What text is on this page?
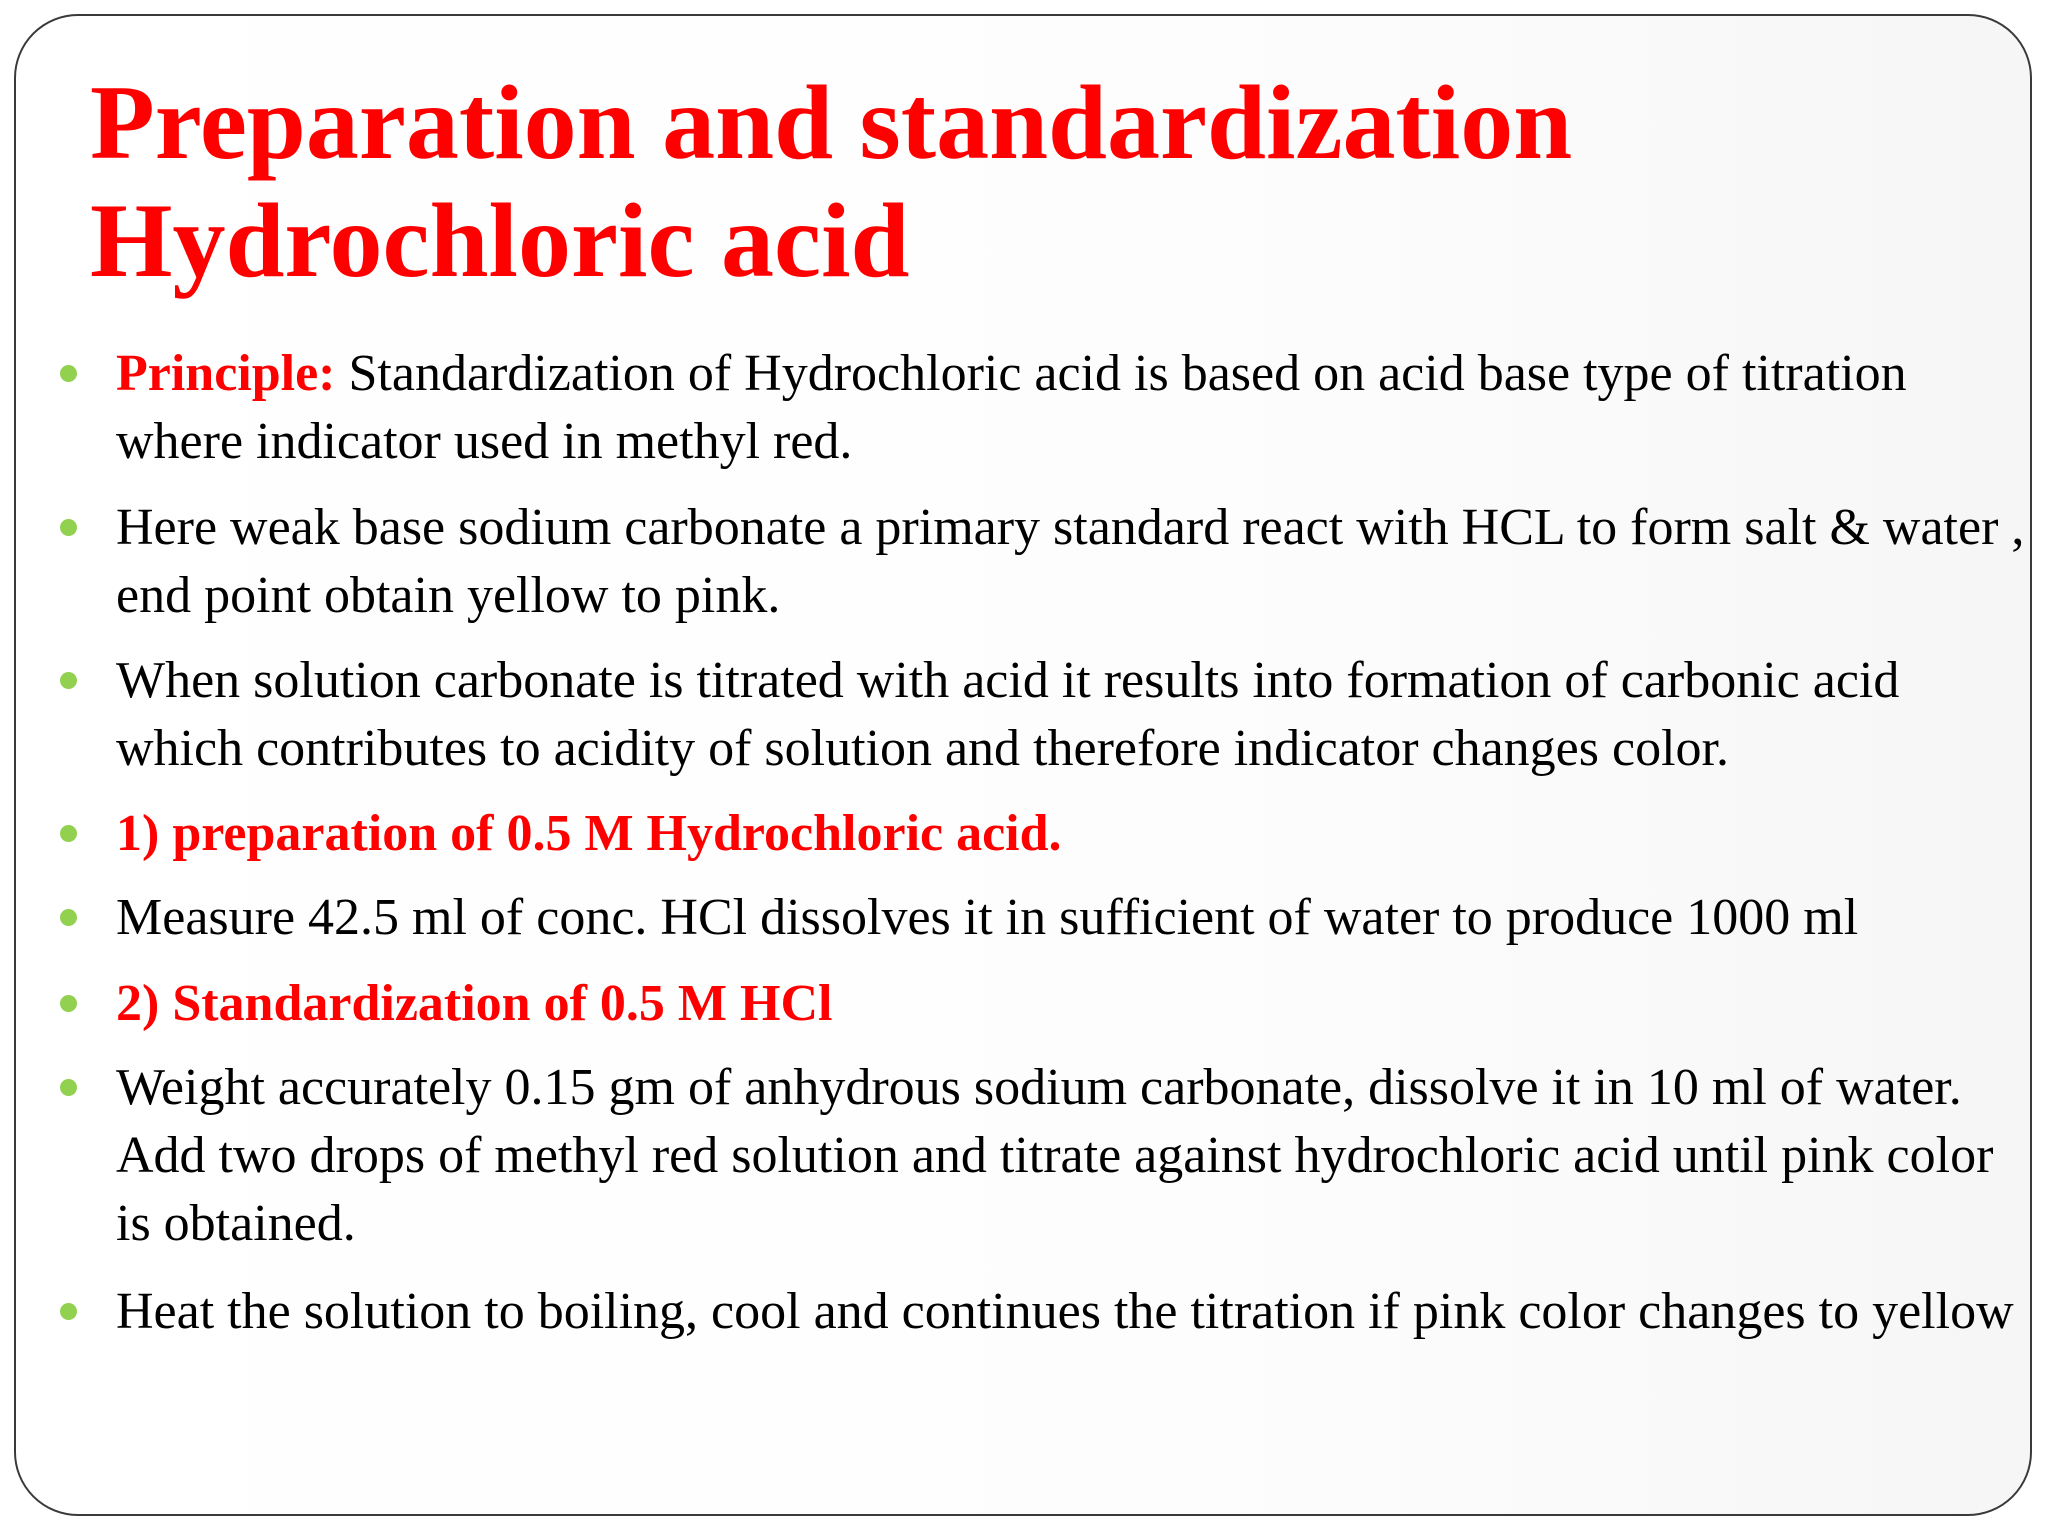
Preparation and standardization
Hydrochloric acid
Principle: Standardization of Hydrochloric acid is based on acid base type of titration where indicator used in methyl red.
Here weak base sodium carbonate a primary standard react with HCL to form salt & water , end point obtain yellow to pink.
When solution carbonate is titrated with acid it results into formation of carbonic acid which contributes to acidity of solution and therefore indicator changes color.
1) preparation of 0.5 M Hydrochloric acid.
Measure 42.5 ml of conc. HCl dissolves it in sufficient of water to produce 1000 ml
2) Standardization of 0.5 M HCl
Weight accurately 0.15 gm of anhydrous sodium carbonate, dissolve it in 10 ml of water. Add two drops of methyl red solution and titrate against hydrochloric acid until pink color is obtained.
Heat the solution to boiling, cool and continues the titration if pink color changes to yellow
